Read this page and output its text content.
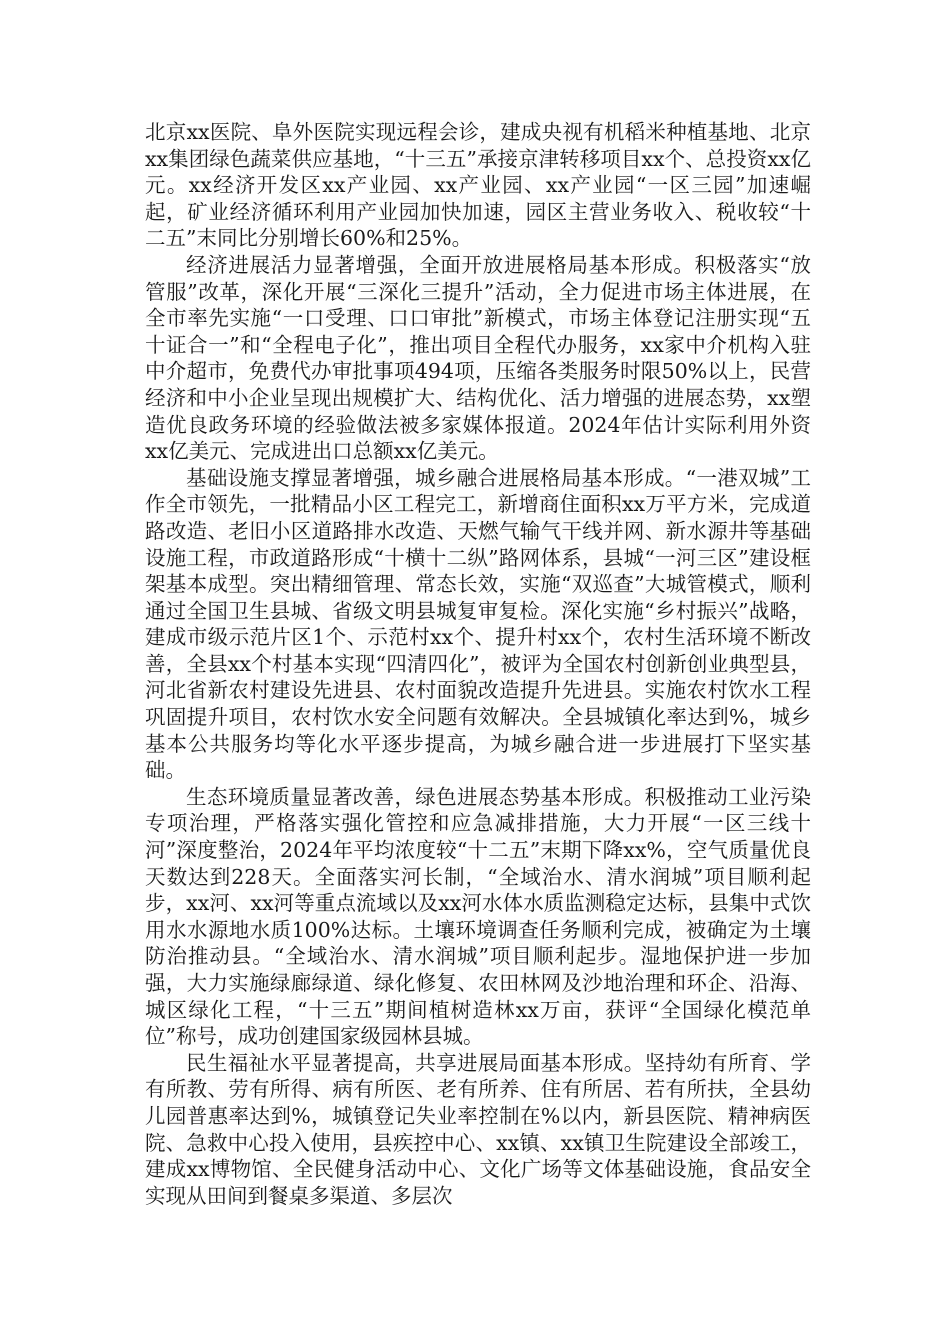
北京xx医院、阜外医院实现远程会诊，建成央视有机稻米种植基地、北京xx集团绿色蔬菜供应基地，“十三五”承接京津转移项目xx个、总投资xx亿元。xx经济开发区xx产业园、xx产业园、xx产业园“一区三园”加速崛起，矿业经济循环利用产业园加快加速，园区主营业务收入、税收较“十二五”末同比分别增长60%和25%。

经济进展活力显著增强，全面开放进展格局基本形成。积极落实“放管服”改革，深化开展“三深化三提升”活动，全力促进市场主体进展，在全市率先实施“一口受理、口口审批”新模式，市场主体登记注册实现“五十证合一”和“全程电子化”，推出项目全程代办服务，xx家中介机构入驻中介超市，免费代办审批事项494项，压缩各类服务时限50%以上，民营经济和中小企业呈现出规模扩大、结构优化、活力增强的进展态势，xx塑造优良政务环境的经验做法被多家媒体报道。2024年估计实际利用外资xx亿美元、完成进出口总额xx亿美元。

基础设施支撑显著增强，城乡融合进展格局基本形成。“一港双城”工作全市领先，一批精品小区工程完工，新增商住面积xx万平方米，完成道路改造、老旧小区道路排水改造、天燃气输气干线并网、新水源井等基础设施工程，市政道路形成“十横十二纵”路网体系，县城“一河三区”建设框架基本成型。突出精细管理、常态长效，实施“双巡查”大城管模式，顺利通过全国卫生县城、省级文明县城复审复检。深化实施“乡村振兴”战略，建成市级示范片区1个、示范村xx个、提升村xx个，农村生活环境不断改善，全县xx个村基本实现“四清四化”，被评为全国农村创新创业典型县，河北省新农村建设先进县、农村面貌改造提升先进县。实施农村饮水工程巩固提升项目，农村饮水安全问题有效解决。全县城镇化率达到%，城乡基本公共服务均等化水平逐步提高，为城乡融合进一步进展打下坚实基础。

生态环境质量显著改善，绿色进展态势基本形成。积极推动工业污染专项治理，严格落实强化管控和应急减排措施，大力开展“一区三线十河”深度整治，2024年平均浓度较“十二五”末期下降xx%，空气质量优良天数达到228天。全面落实河长制，“全域治水、清水润城”项目顺利起步，xx河、xx河等重点流域以及xx河水体水质监测稳定达标，县集中式饮用水水源地水质100%达标。土壤环境调查任务顺利完成，被确定为土壤防治推动县。“全域治水、清水润城”项目顺利起步。湿地保护进一步加强，大力实施绿廊绿道、绿化修复、农田林网及沙地治理和环企、沿海、城区绿化工程，“十三五”期间植树造林xx万亩，获评“全国绿化模范单位”称号，成功创建国家级园林县城。

民生福祉水平显著提高，共享进展局面基本形成。坚持幼有所育、学有所教、劳有所得、病有所医、老有所养、住有所居、若有所扶，全县幼儿园普惠率达到%，城镇登记失业率控制在%以内，新县医院、精神病医院、急救中心投入使用，县疾控中心、xx镇、xx镇卫生院建设全部竣工，建成xx博物馆、全民健身活动中心、文化广场等文体基础设施，食品安全实现从田间到餐桌多渠道、多层次
